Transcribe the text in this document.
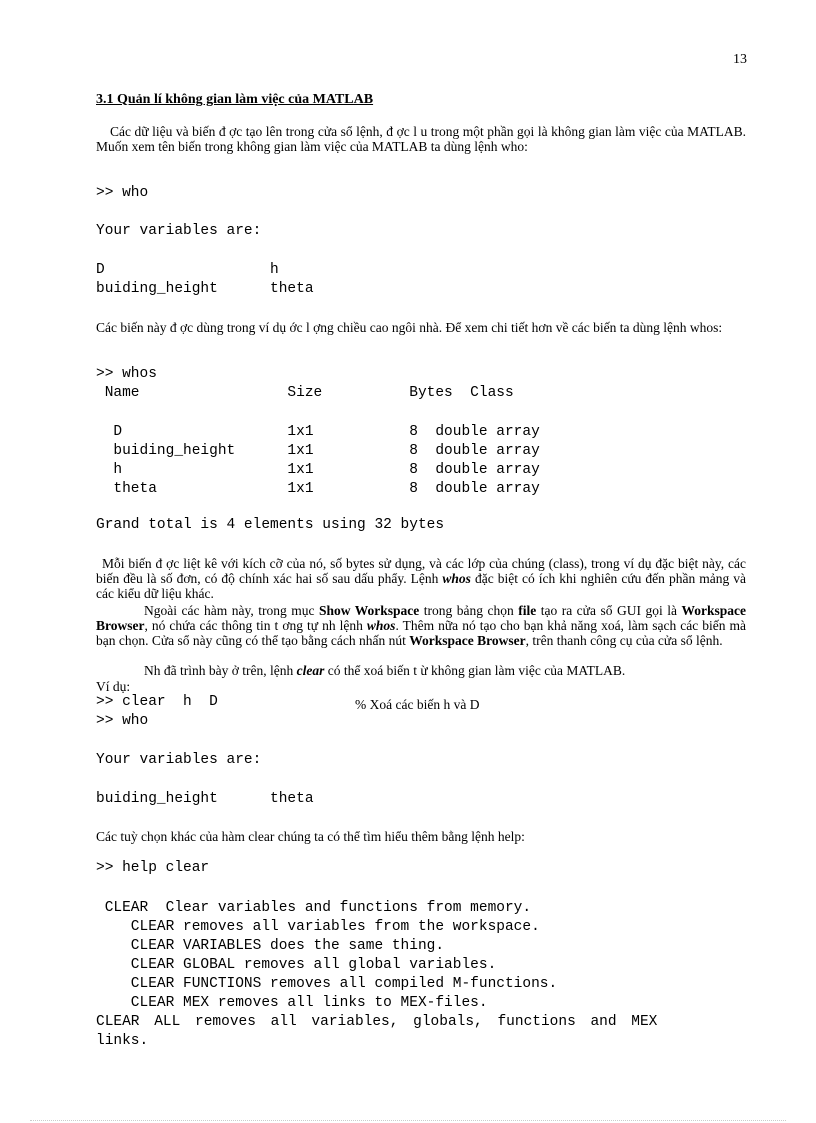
13
3.1 Quản lí không gian làm việc của MATLAB
Các dữ liệu và biến đ ợc tạo lên trong cửa sổ lệnh, đ ợc l u trong một phần gọi là không gian làm việc của MATLAB. Muốn xem tên biến trong không gian làm việc của MATLAB ta dùng lệnh who:
>> who
Your variables are:
D                   h
buiding_height      theta
Các biến này đ ợc dùng trong ví dụ ớc l ợng chiều cao ngôi nhà. Để xem chi tiết hơn về các biến ta dùng lệnh whos:
>> whos
Name                 Size          Bytes  Class
D                   1x1           8  double array
buiding_height      1x1           8  double array
h                   1x1           8  double array
theta               1x1           8  double array
Grand total is 4 elements using 32 bytes
Mỗi biến đ ợc liệt kê với kích cỡ của nó, số bytes sử dụng, và các lớp của chúng (class), trong ví dụ đặc biệt này, các biến đều là số đơn, có độ chính xác hai số sau dấu phẩy. Lệnh whos đặc biệt có ích khi nghiên cứu đến phần mảng và các kiểu dữ liệu khác.
Ngoài các hàm này, trong mục Show Workspace trong bảng chọn file tạo ra cửa sổ GUI gọi là Workspace Browser, nó chứa các thông tin t ơng tự nh lệnh whos. Thêm nữa nó tạo cho bạn khả năng xoá, làm sạch các biến mà bạn chọn. Cửa sổ này cũng có thể tạo bằng cách nhấn nút Workspace Browser, trên thanh công cụ của cửa sổ lệnh.
Nh đã trình bày ở trên, lệnh clear có thể xoá biến t ừ không gian làm việc của MATLAB.
Ví dụ:
>> clear  h  D	% Xoá các biến h và D
>> who
Your variables are:
buiding_height      theta
Các tuỳ chọn khác của hàm clear chúng ta có thể tìm hiểu thêm bằng lệnh help:
>> help clear
CLEAR  Clear variables and functions from memory.
CLEAR removes all variables from the workspace.
CLEAR VARIABLES does the same thing.
CLEAR GLOBAL removes all global variables.
CLEAR FUNCTIONS removes all compiled M-functions.
CLEAR MEX removes all links to MEX-files.
CLEAR ALL removes all variables, globals, functions and MEX
links.
